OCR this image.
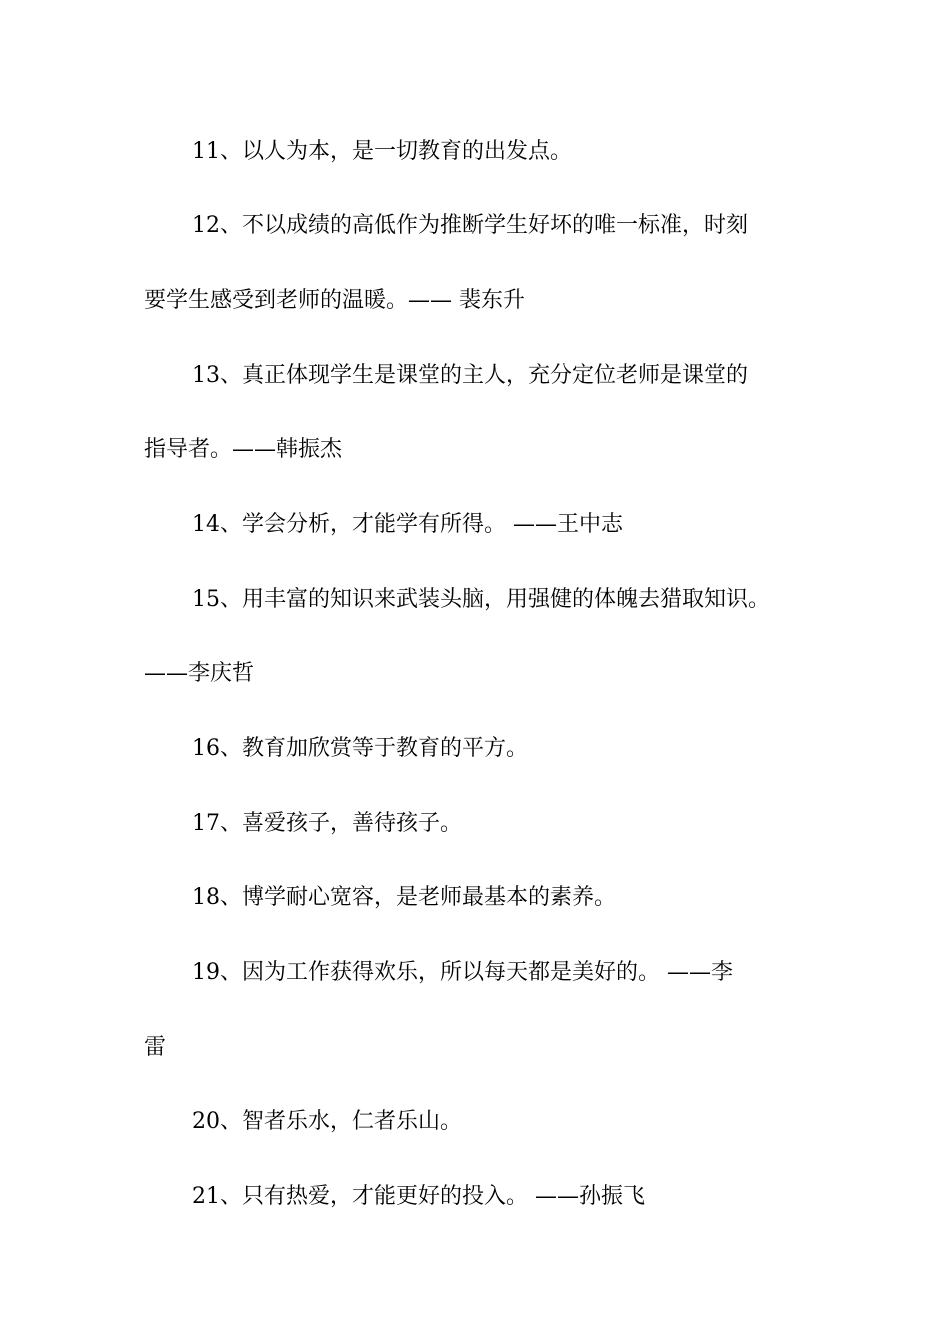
11、以人为本，是一切教育的出发点。
12、不以成绩的高低作为推断学生好坏的唯一标准，时刻
要学生感受到老师的温暖。—— 裴东升
13、真正体现学生是课堂的主人，充分定位老师是课堂的
指导者。——韩振杰
14、学会分析，才能学有所得。 ——王中志
15、用丰富的知识来武装头脑，用强健的体魄去猎取知识。
——李庆哲
16、教育加欣赏等于教育的平方。
17、喜爱孩子，善待孩子。
18、博学耐心宽容，是老师最基本的素养。
19、因为工作获得欢乐，所以每天都是美好的。 ——李
雷
20、智者乐水，仁者乐山。
21、只有热爱，才能更好的投入。 ——孙振飞
